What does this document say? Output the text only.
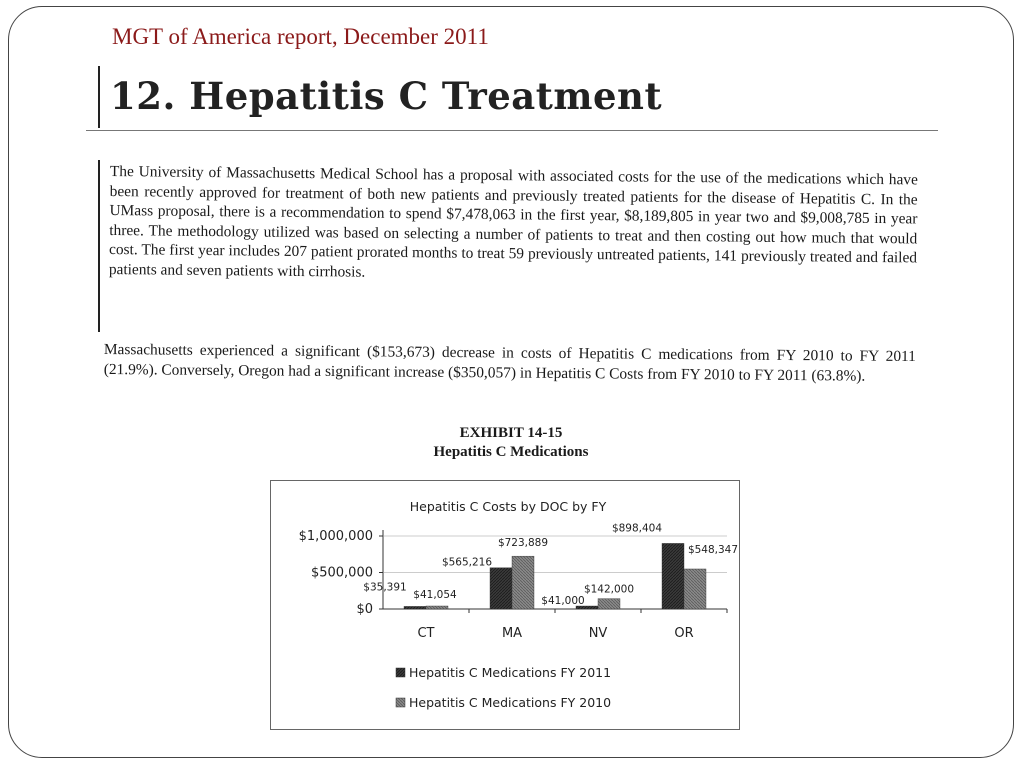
MGT of America report, December 2011
12. Hepatitis C Treatment
The University of Massachusetts Medical School has a proposal with associated costs for the use of the medications which have been recently approved for treatment of both new patients and previously treated patients for the disease of Hepatitis C. In the UMass proposal, there is a recommendation to spend $7,478,063 in the first year, $8,189,805 in year two and $9,008,785 in year three. The methodology utilized was based on selecting a number of patients to treat and then costing out how much that would cost. The first year includes 207 patient prorated months to treat 59 previously untreated patients, 141 previously treated and failed patients and seven patients with cirrhosis.
Massachusetts experienced a significant ($153,673) decrease in costs of Hepatitis C medications from FY 2010 to FY 2011 (21.9%). Conversely, Oregon had a significant increase ($350,057) in Hepatitis C Costs from FY 2010 to FY 2011 (63.8%).
EXHIBIT 14-15
Hepatitis C Medications
Hepatitis C Costs by DOC by FY
$0
$500,000
$1,000,000
CT	MA	NV	OR
$35,391
$41,054
$565,216
$723,889
$41,000
$142,000
$898,404
$548,347
Hepatitis C Medications FY 2011
Hepatitis C Medications FY 2010
